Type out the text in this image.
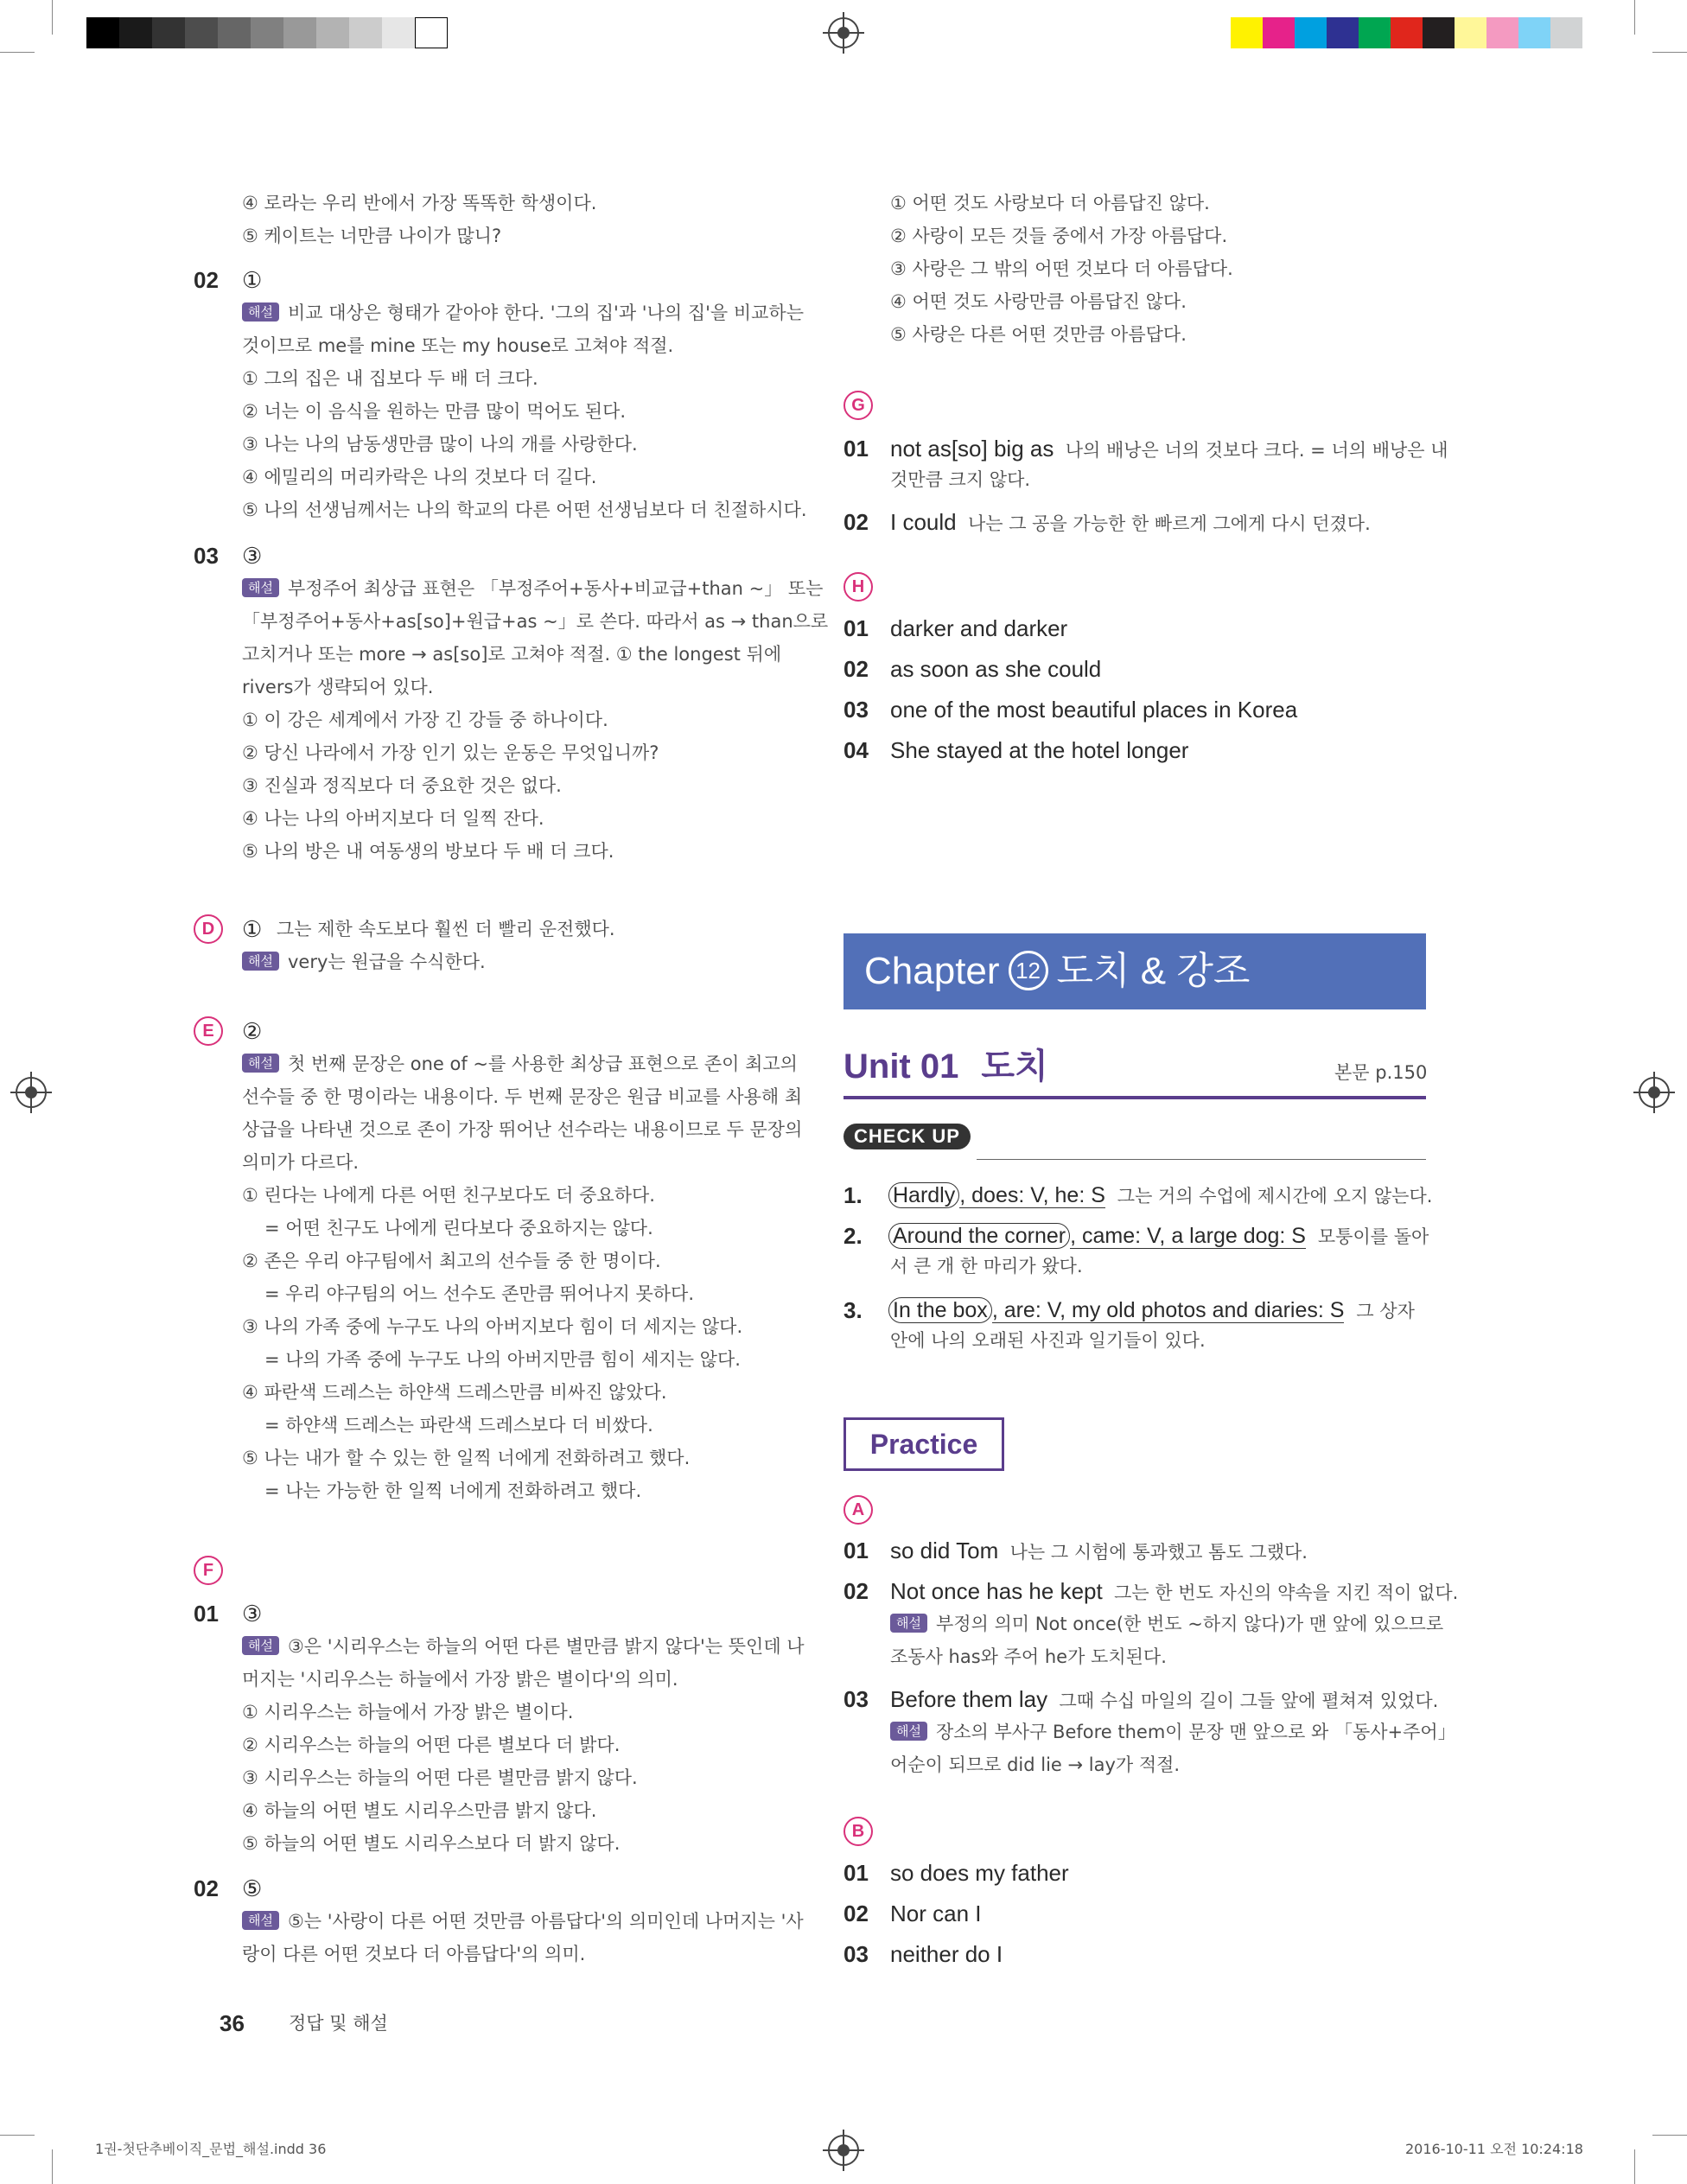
④ 로라는 우리 반에서 가장 똑똑한 학생이다.
⑤ 케이트는 너만큼 나이가 많니?
02 ①
해설 비교 대상은 형태가 같아야 한다. '그의 집'과 '나의 집'을 비교하는
것이므로 me를 mine 또는 my house로 고쳐야 적절.
① 그의 집은 내 집보다 두 배 더 크다.
② 너는 이 음식을 원하는 만큼 많이 먹어도 된다.
③ 나는 나의 남동생만큼 많이 나의 개를 사랑한다.
④ 에밀리의 머리카락은 나의 것보다 더 길다.
⑤ 나의 선생님께서는 나의 학교의 다른 어떤 선생님보다 더 친절하시다.
03 ③
해설 부정주어 최상급 표현은 「부정주어+동사+비교급+than ~」 또는
「부정주어+동사+as[so]+원급+as ~」로 쓴다. 따라서 as → than으로
고치거나 또는 more → as[so]로 고쳐야 적절. ① the longest 뒤에
rivers가 생략되어 있다.
① 이 강은 세계에서 가장 긴 강들 중 하나이다.
② 당신 나라에서 가장 인기 있는 운동은 무엇입니까?
③ 진실과 정직보다 더 중요한 것은 없다.
④ 나는 나의 아버지보다 더 일찍 잔다.
⑤ 나의 방은 내 여동생의 방보다 두 배 더 크다.
D	① 그는 제한 속도보다 훨씬 더 빨리 운전했다.
해설 very는 원급을 수식한다.
E	②
해설 첫 번째 문장은 one of ~를 사용한 최상급 표현으로 존이 최고의
선수들 중 한 명이라는 내용이다. 두 번째 문장은 원급 비교를 사용해 최
상급을 나타낸 것으로 존이 가장 뛰어난 선수라는 내용이므로 두 문장의
의미가 다르다.
① 린다는 나에게 다른 어떤 친구보다도 더 중요하다.
= 어떤 친구도 나에게 린다보다 중요하지는 않다.
② 존은 우리 야구팀에서 최고의 선수들 중 한 명이다.
= 우리 야구팀의 어느 선수도 존만큼 뛰어나지 못하다.
③ 나의 가족 중에 누구도 나의 아버지보다 힘이 더 세지는 않다.
= 나의 가족 중에 누구도 나의 아버지만큼 힘이 세지는 않다.
④ 파란색 드레스는 하얀색 드레스만큼 비싸진 않았다.
= 하얀색 드레스는 파란색 드레스보다 더 비쌌다.
⑤ 나는 내가 할 수 있는 한 일찍 너에게 전화하려고 했다.
= 나는 가능한 한 일찍 너에게 전화하려고 했다.
F
01 ③
해설 ③은 '시리우스는 하늘의 어떤 다른 별만큼 밝지 않다'는 뜻인데 나
머지는 '시리우스는 하늘에서 가장 밝은 별이다'의 의미.
① 시리우스는 하늘에서 가장 밝은 별이다.
② 시리우스는 하늘의 어떤 다른 별보다 더 밝다.
③ 시리우스는 하늘의 어떤 다른 별만큼 밝지 않다.
④ 하늘의 어떤 별도 시리우스만큼 밝지 않다.
⑤ 하늘의 어떤 별도 시리우스보다 더 밝지 않다.
02 ⑤
해설 ⑤는 '사랑이 다른 어떤 것만큼 아름답다'의 의미인데 나머지는 '사
랑이 다른 어떤 것보다 더 아름답다'의 의미.
36 정답 및 해설
① 어떤 것도 사랑보다 더 아름답진 않다.
② 사랑이 모든 것들 중에서 가장 아름답다.
③ 사랑은 그 밖의 어떤 것보다 더 아름답다.
④ 어떤 것도 사랑만큼 아름답진 않다.
⑤ 사랑은 다른 어떤 것만큼 아름답다.
G
01 not as[so] big as 나의 배낭은 너의 것보다 크다. = 너의 배낭은 내
것만큼 크지 않다.
02 I could 나는 그 공을 가능한 한 빠르게 그에게 다시 던졌다.
H
01 darker and darker
02 as soon as she could
03 one of the most beautiful places in Korea
04 She stayed at the hotel longer
Chapter 12 도치 & 강조
Unit 01 도치	본문 p.150
CHECK UP
1. Hardly , does: V, he: S 그는 거의 수업에 제시간에 오지 않는다.
2. Around the corner , came: V, a large dog: S 모퉁이를 돌아
서 큰 개 한 마리가 왔다.
3. In the box , are: V, my old photos and diaries: S 그 상자
안에 나의 오래된 사진과 일기들이 있다.
Practice
A
01 so did Tom 나는 그 시험에 통과했고 톰도 그랬다.
02 Not once has he kept 그는 한 번도 자신의 약속을 지킨 적이 없다.
해설 부정의 의미 Not once(한 번도 ~하지 않다)가 맨 앞에 있으므로
조동사 has와 주어 he가 도치된다.
03 Before them lay 그때 수십 마일의 길이 그들 앞에 펼쳐져 있었다.
해설 장소의 부사구 Before them이 문장 맨 앞으로 와 「동사+주어」
어순이 되므로 did lie → lay가 적절.
B
01 so does my father
02 Nor can I
03 neither do I
1권-첫단추베이직_문법_해설.indd 36	2016-10-11 오전 10:24:18
